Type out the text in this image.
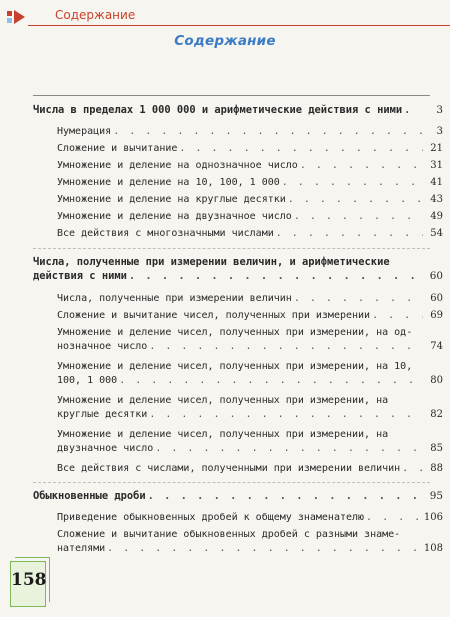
Содержание
Содержание
Числа в пределах 1 000 000 и арифметические действия с ними . . .	3
Нумерация . . .	3
Сложение и вычитание . . .	21
Умножение и деление на однозначное число . . .	31
Умножение и деление на 10, 100, 1 000 . . .	41
Умножение и деление на круглые десятки . . .	43
Умножение и деление на двузначное число . . .	49
Все действия с многозначными числами . . .	54
Числа, полученные при измерении величин, и арифметические
действия с ними . . .	60
Числа, полученные при измерении величин . . .	60
Сложение и вычитание чисел, полученных при измерении . . .	69
Умножение и деление чисел, полученных при измерении, на од-
нозначное число . . .	74
Умножение и деление чисел, полученных при измерении, на 10,
100, 1 000 . . .	80
Умножение и деление чисел, полученных при измерении, на
круглые десятки . . .	82
Умножение и деление чисел, полученных при измерении, на
двузначное число . . .	85
Все действия с числами, полученными при измерении величин . . .	88
Обыкновенные дроби . . .	95
Приведение обыкновенных дробей к общему знаменателю . . .	106
Сложение и вычитание обыкновенных дробей с разными знаме-
нателями . . .	108
158
